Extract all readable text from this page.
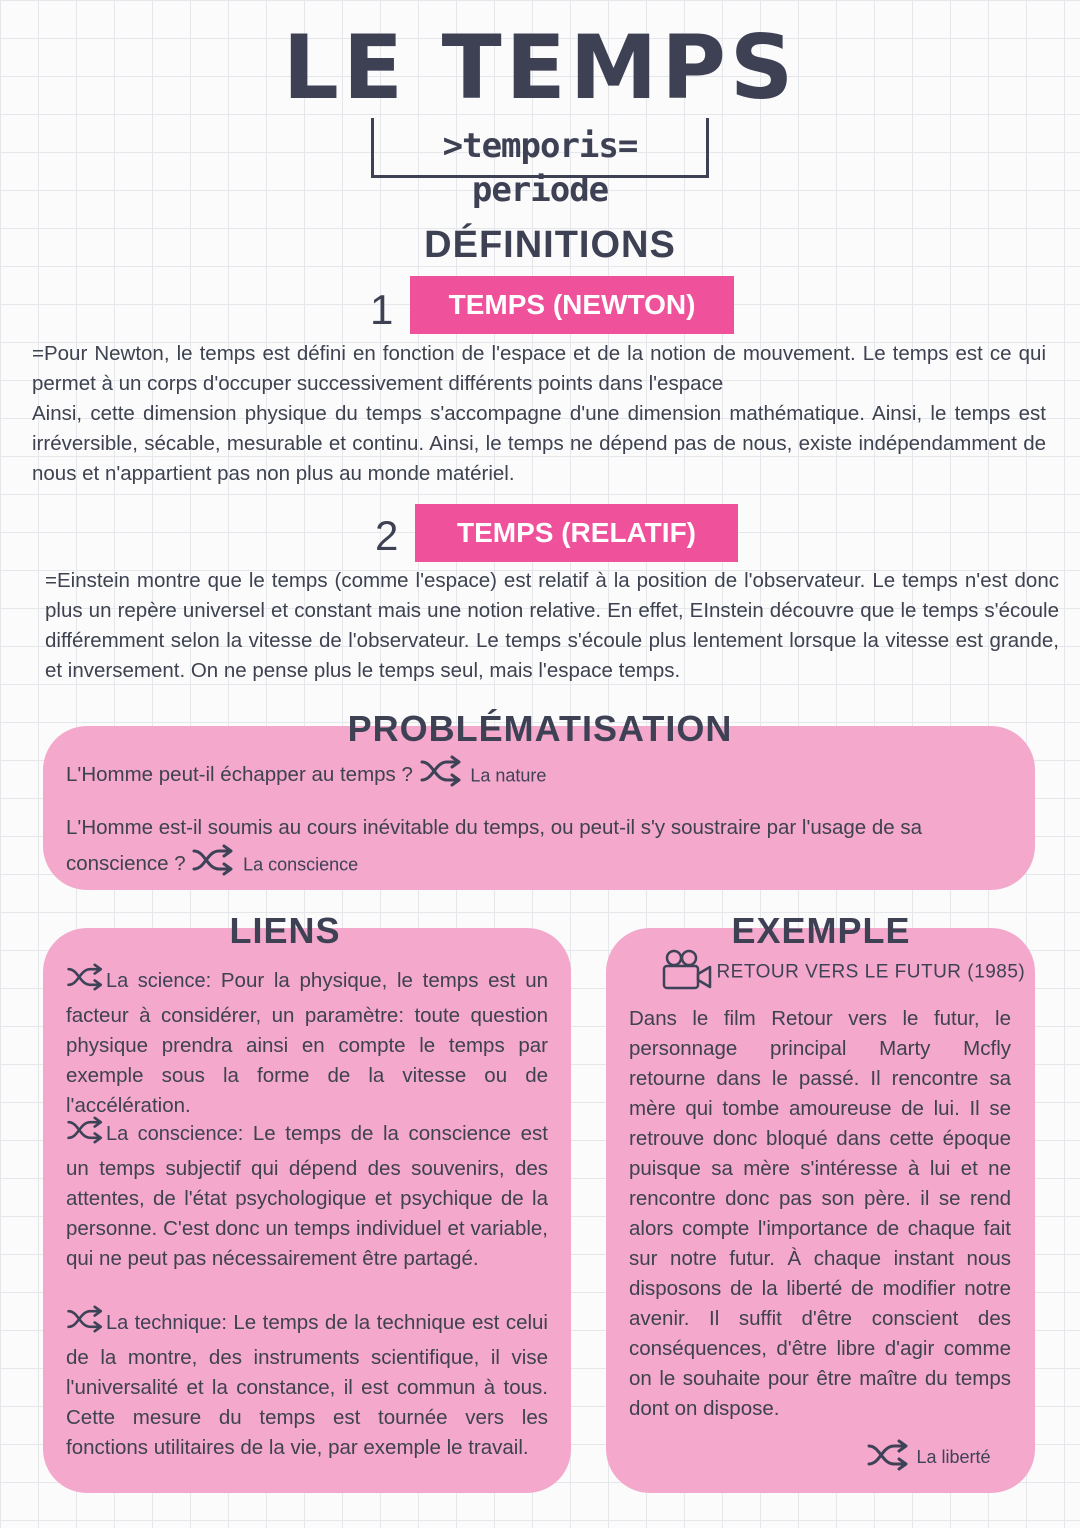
LE TEMPS
>temporis= periode
DÉFINITIONS
1	TEMPS (NEWTON)
=Pour Newton, le temps est défini en fonction de l'espace et de la notion de mouvement. Le temps est ce qui permet à un corps d'occuper successivement différents points dans l'espace
Ainsi, cette dimension physique du temps s'accompagne d'une dimension mathématique. Ainsi, le temps est irréversible, sécable, mesurable et continu. Ainsi, le temps ne dépend pas de nous, existe indépendamment de nous et n'appartient pas non plus au monde matériel.
2	TEMPS (RELATIF)
=Einstein montre que le temps (comme l'espace) est relatif à la position de l'observateur. Le temps n'est donc plus un repère universel et constant mais une notion relative. En effet, EInstein découvre que le temps s'écoule différemment selon la vitesse de l'observateur. Le temps s'écoule plus lentement lorsque la vitesse est grande, et inversement. On ne pense plus le temps seul, mais l'espace temps.
PROBLÉMATISATION
L'Homme peut-il échapper au temps ?	La nature
L'Homme est-il soumis au cours inévitable du temps, ou peut-il s'y soustraire par l'usage de sa conscience ?	La conscience
LIENS
La science: Pour la physique, le temps est un facteur à considérer, un paramètre: toute question physique prendra ainsi en compte le temps par exemple sous la forme de la vitesse ou de l'accélération.
La conscience: Le temps de la conscience est un temps subjectif qui dépend des souvenirs, des attentes, de l'état psychologique et psychique de la personne. C'est donc un temps individuel et variable, qui ne peut pas nécessairement être partagé.
La technique: Le temps de la technique est celui de la montre, des instruments scientifique, il vise l'universalité et la constance, il est commun à tous. Cette mesure du temps est tournée vers les fonctions utilitaires de la vie, par exemple le travail.
EXEMPLE
RETOUR VERS LE FUTUR (1985)
Dans le film Retour vers le futur, le personnage principal Marty Mcfly retourne dans le passé. Il rencontre sa mère qui tombe amoureuse de lui. Il se retrouve donc bloqué dans cette époque puisque sa mère s'intéresse à lui et ne rencontre donc pas son père. il se rend alors compte l'importance de chaque fait sur notre futur. À chaque instant nous disposons de la liberté de modifier notre avenir. Il suffit d'être conscient des conséquences, d'être libre d'agir comme on le souhaite pour être maître du temps dont on dispose.
La liberté
